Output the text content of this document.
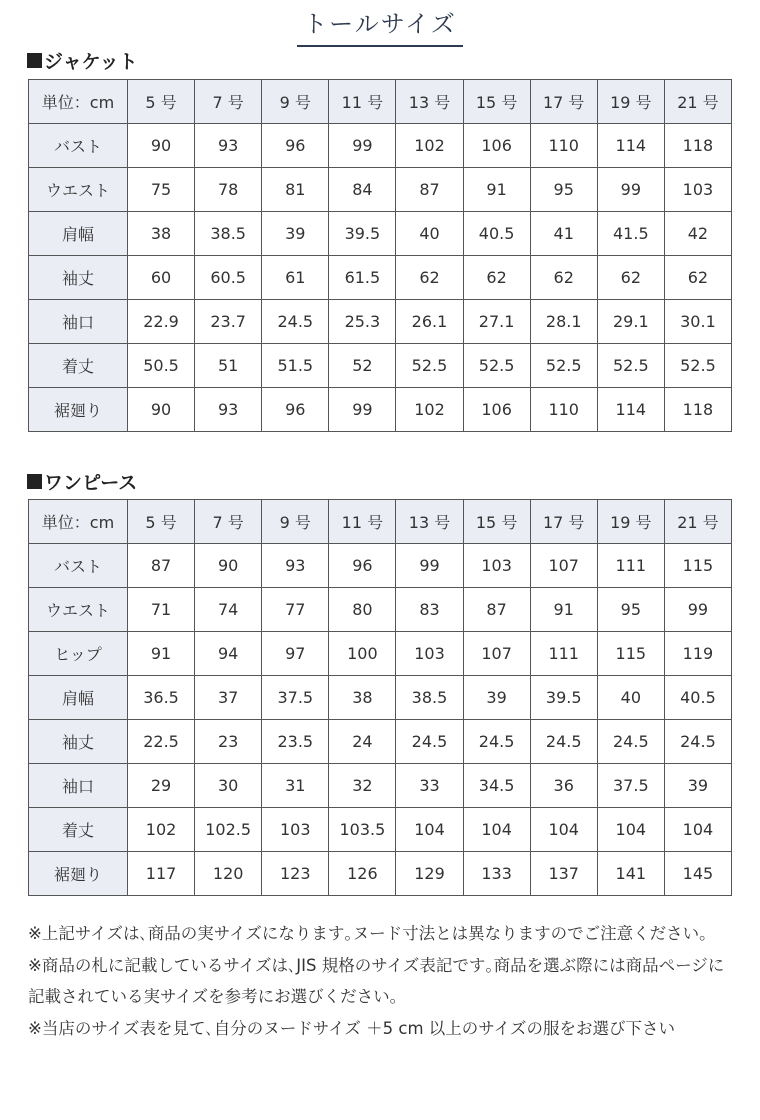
トールサイズ
ジャケット
単位：cm	5 号	7 号	9 号	11 号	13 号	15 号	17 号	19 号	21 号
バスト	90	93	96	99	102	106	110	114	118
ウエスト	75	78	81	84	87	91	95	99	103
肩幅	38	38.5	39	39.5	40	40.5	41	41.5	42
袖丈	60	60.5	61	61.5	62	62	62	62	62
袖口	22.9	23.7	24.5	25.3	26.1	27.1	28.1	29.1	30.1
着丈	50.5	51	51.5	52	52.5	52.5	52.5	52.5	52.5
裾廻り	90	93	96	99	102	106	110	114	118
ワンピース
単位：cm	5 号	7 号	9 号	11 号	13 号	15 号	17 号	19 号	21 号
バスト	87	90	93	96	99	103	107	111	115
ウエスト	71	74	77	80	83	87	91	95	99
ヒップ	91	94	97	100	103	107	111	115	119
肩幅	36.5	37	37.5	38	38.5	39	39.5	40	40.5
袖丈	22.5	23	23.5	24	24.5	24.5	24.5	24.5	24.5
袖口	29	30	31	32	33	34.5	36	37.5	39
着丈	102	102.5	103	103.5	104	104	104	104	104
裾廻り	117	120	123	126	129	133	137	141	145

※上記サイズは､商品の実サイズになります｡ヌード寸法とは異なりますのでご注意ください｡

※商品の札に記載しているサイズは､JIS 規格のサイズ表記です｡商品を選ぶ際には商品ページに記載されている実サイズを参考にお選びください｡

※当店のサイズ表を見て､自分のヌードサイズ ＋5 cm 以上のサイズの服をお選び下さい
